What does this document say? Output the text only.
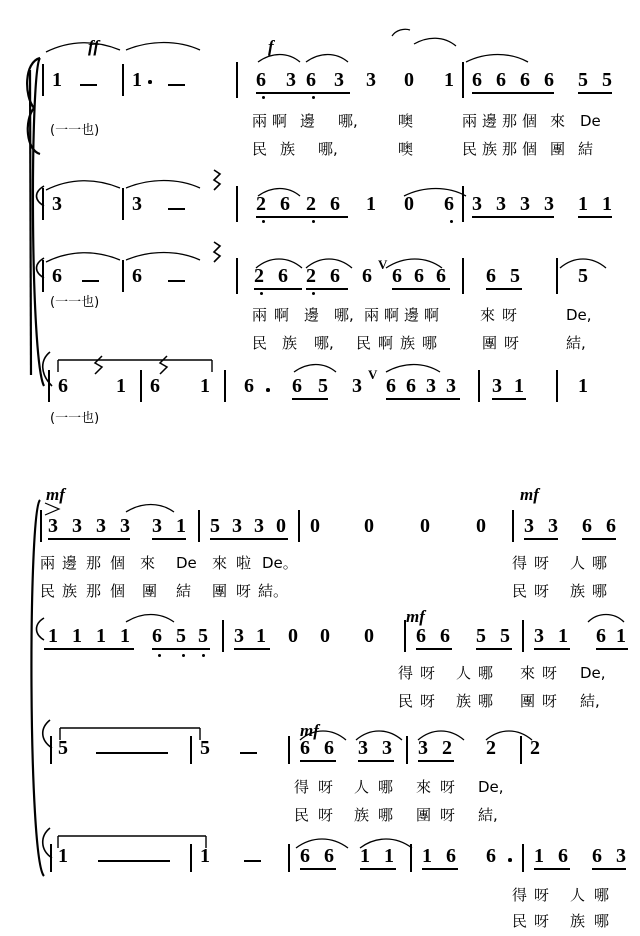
ff	f
1	1	6 3 6 3 3 0 1 6 6 6 6 5 5
兩 啊 邊 哪,	噢	兩 邊 那 個 來 De
民 族 哪,	噢	民 族 那 個 團 結
(一一也)
3	3	2 6 2 6 1 0 6 3 3 3 3 1 1
6	6	2 6 2 6 6
V
6 6 6 6 5	5
兩 啊 邊 哪, 兩 啊 邊 啊	來 呀	De,
民 族 哪, 民 啊 族 哪	團 呀	結,
(一一也)
6 1 6 1 6 6 5 3
V
6 6 3 3 3 1	1
(一一也)
mf	mf
3 3 3 3 3 1 5 3 3 0 0 0 0 0 3 3 6 6
兩 邊 那 個 來 De 來 啦 De。	得 呀 人 哪
民 族 那 個 團 結 團 呀 結。	民 呀 族 哪
mf
1 1 1 1 6 5 5 3 1 0 0 0 6 6 5 5 3 1 6 1
得 呀 人 哪 來 呀 De,
民 呀 族 哪 團 呀 結,
mf
5	5	6 6 3 3 3 2 2 2
得 呀 人 哪 來 呀 De,
民 呀 族 哪 團 呀 結,
1	1	6 6 1 1 1 6 6 1 6 6 3
得 呀 人 哪
民 呀 族 哪
